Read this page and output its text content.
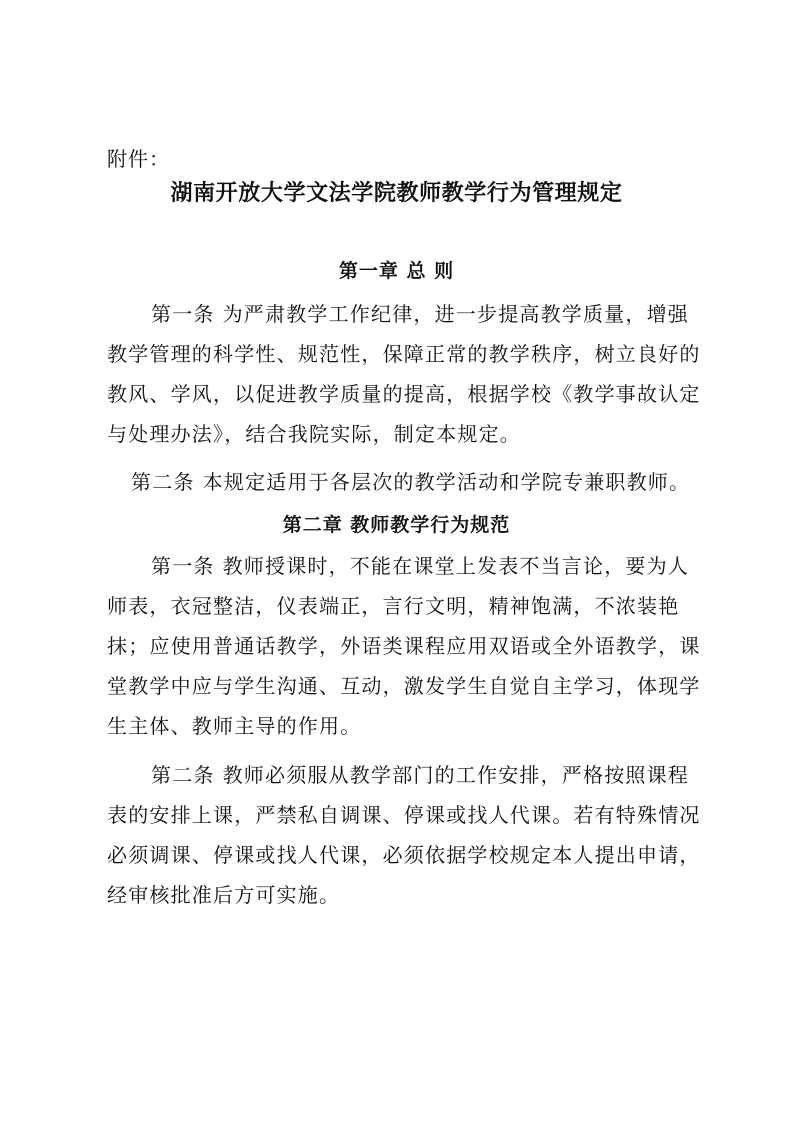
附件：
湖南开放大学文法学院教师教学行为管理规定
第一章 总 则
第一条 为严肃教学工作纪律，进一步提高教学质量，增强教学管理的科学性、规范性，保障正常的教学秩序，树立良好的教风、学风，以促进教学质量的提高，根据学校《教学事故认定与处理办法》，结合我院实际，制定本规定。
第二条 本规定适用于各层次的教学活动和学院专兼职教师。
第二章 教师教学行为规范
第一条 教师授课时，不能在课堂上发表不当言论，要为人师表，衣冠整洁，仪表端正，言行文明，精神饱满，不浓装艳抹；应使用普通话教学，外语类课程应用双语或全外语教学，课堂教学中应与学生沟通、互动，激发学生自觉自主学习，体现学生主体、教师主导的作用。
第二条 教师必须服从教学部门的工作安排，严格按照课程表的安排上课，严禁私自调课、停课或找人代课。若有特殊情况必须调课、停课或找人代课，必须依据学校规定本人提出申请，经审核批准后方可实施。
